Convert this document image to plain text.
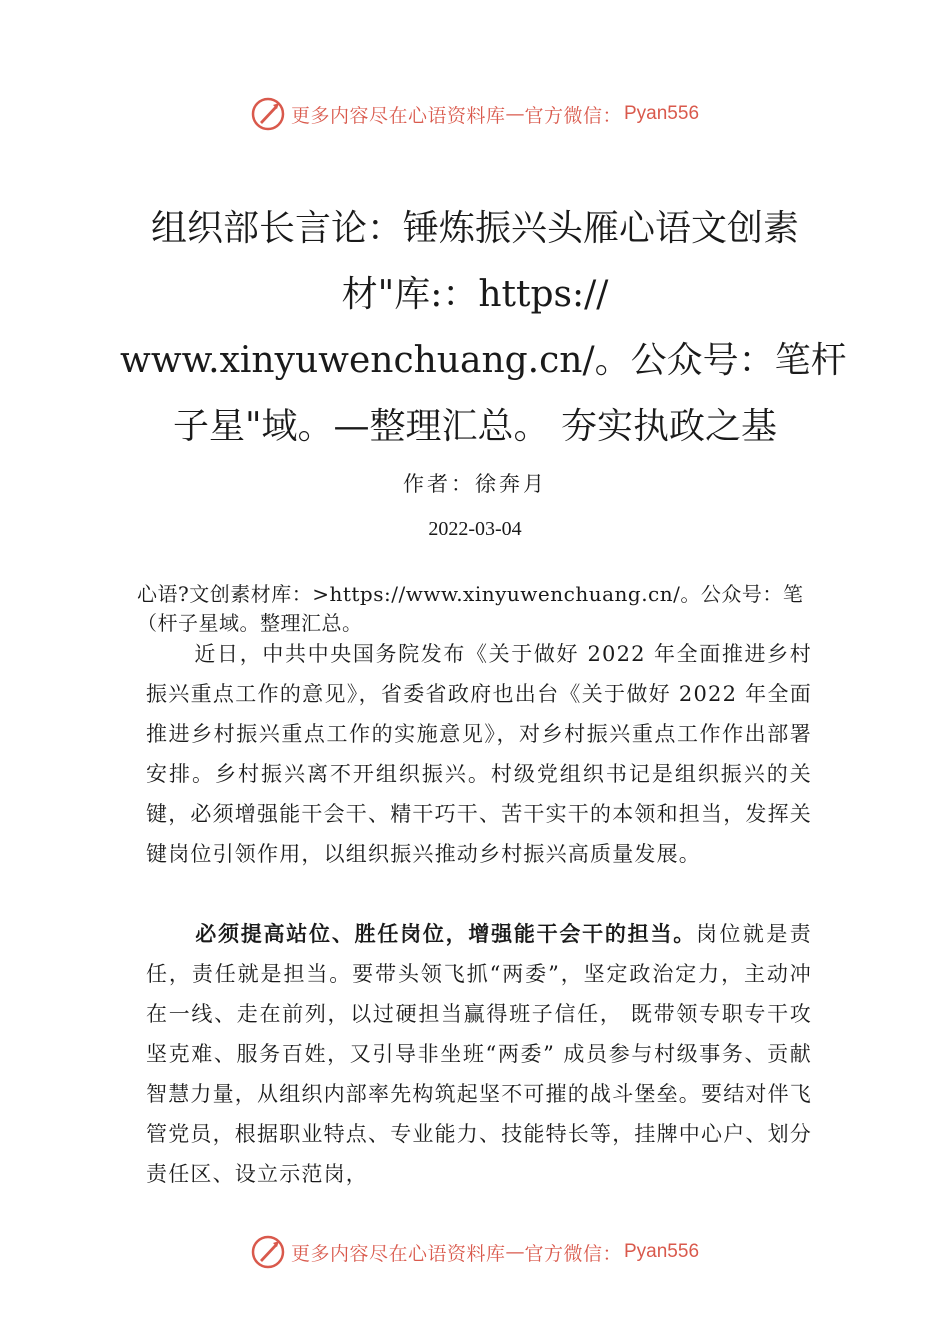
更多内容尽在心语资料库 — 官方微信： Pyan556
组织部长言论：锤炼振兴头雁心语文创素
材"库:：https://
www.xinyuwenchuang.cn/。公众号：笔杆
子星"域。—整理汇总。 夯实执政之基
作者：徐奔月
2022-03-04
心语?文创素材库：>https://www.xinyuwenchuang.cn/。公众号：笔（杆子星域。整理汇总。
近日，中共中央国务院发布《关于做好 2022 年全面推进乡村振兴重点工作的意见》，省委省政府也出台《关于做好 2022 年全面推进乡村振兴重点工作的实施意见》，对乡村振兴重点工作作出部署安排。乡村振兴离不开组织振兴。村级党组织书记是组织振兴的关键，必须增强能干会干、精干巧干、苦干实干的本领和担当，发挥关键岗位引领作用，以组织振兴推动乡村振兴高质量发展。
必须提高站位、胜任岗位，增强能干会干的担当。岗位就是责任，责任就是担当。要带头领飞抓“两委”，坚定政治定力，主动冲在一线、走在前列，以过硬担当赢得班子信任， 既带领专职专干攻坚克难、服务百姓，又引导非坐班“两委” 成员参与村级事务、贡献智慧力量，从组织内部率先构筑起坚不可摧的战斗堡垒。要结对伴飞管党员，根据职业特点、专业能力、技能特长等，挂牌中心户、划分责任区、设立示范岗，
更多内容尽在心语资料库 — 官方微信： Pyan556
